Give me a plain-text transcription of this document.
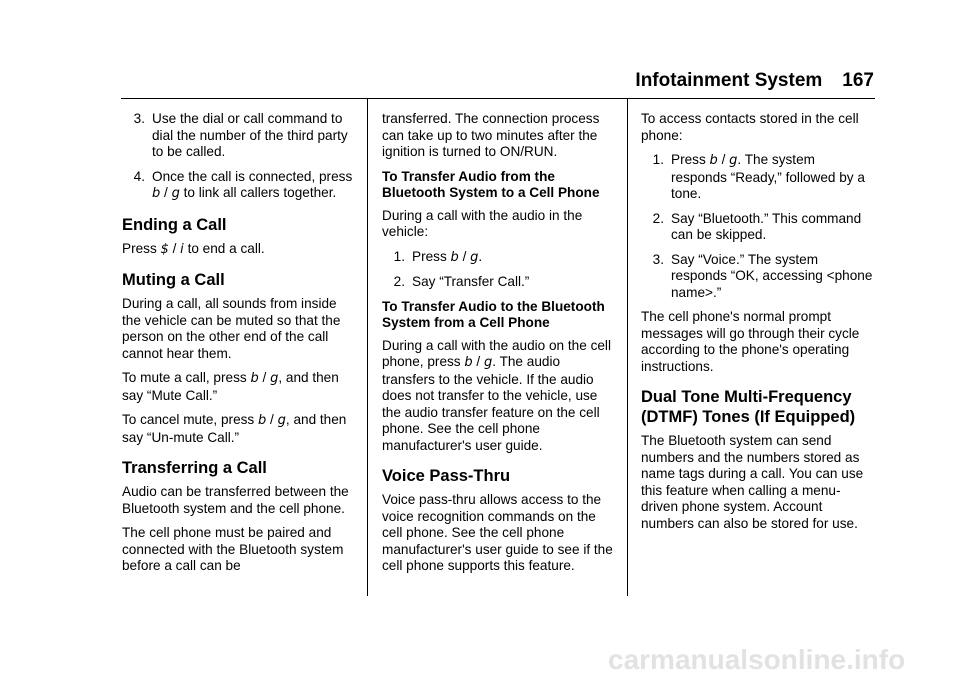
Infotainment System 167
3. Use the dial or call command to dial the number of the third party to be called.
4. Once the call is connected, press b / g to link all callers together.
Ending a Call

Press $ / i to end a call.

Muting a Call

During a call, all sounds from inside the vehicle can be muted so that the person on the other end of the call cannot hear them.

To mute a call, press b / g, and then say “Mute Call.”

To cancel mute, press b / g, and then say “Un-mute Call.”

Transferring a Call

Audio can be transferred between the Bluetooth system and the cell phone.

The cell phone must be paired and connected with the Bluetooth system before a call can be

transferred. The connection process can take up to two minutes after the ignition is turned to ON/RUN.

To Transfer Audio from the Bluetooth System to a Cell Phone

During a call with the audio in the vehicle:

1. Press b / g.
2. Say “Transfer Call.”
To Transfer Audio to the Bluetooth System from a Cell Phone

During a call with the audio on the cell phone, press b / g. The audio transfers to the vehicle. If the audio does not transfer to the vehicle, use the audio transfer feature on the cell phone. See the cell phone manufacturer's user guide.

Voice Pass-Thru

Voice pass-thru allows access to the voice recognition commands on the cell phone. See the cell phone manufacturer's user guide to see if the cell phone supports this feature.

To access contacts stored in the cell phone:

1. Press b / g. The system responds “Ready,” followed by a tone.
2. Say “Bluetooth.” This command can be skipped.
3. Say “Voice.” The system responds “OK, accessing <phone name>.”

The cell phone's normal prompt messages will go through their cycle according to the phone's operating instructions.

Dual Tone Multi-Frequency (DTMF) Tones (If Equipped)

The Bluetooth system can send numbers and the numbers stored as name tags during a call. You can use this feature when calling a menu-driven phone system. Account numbers can also be stored for use.

carmanualsonline.info
